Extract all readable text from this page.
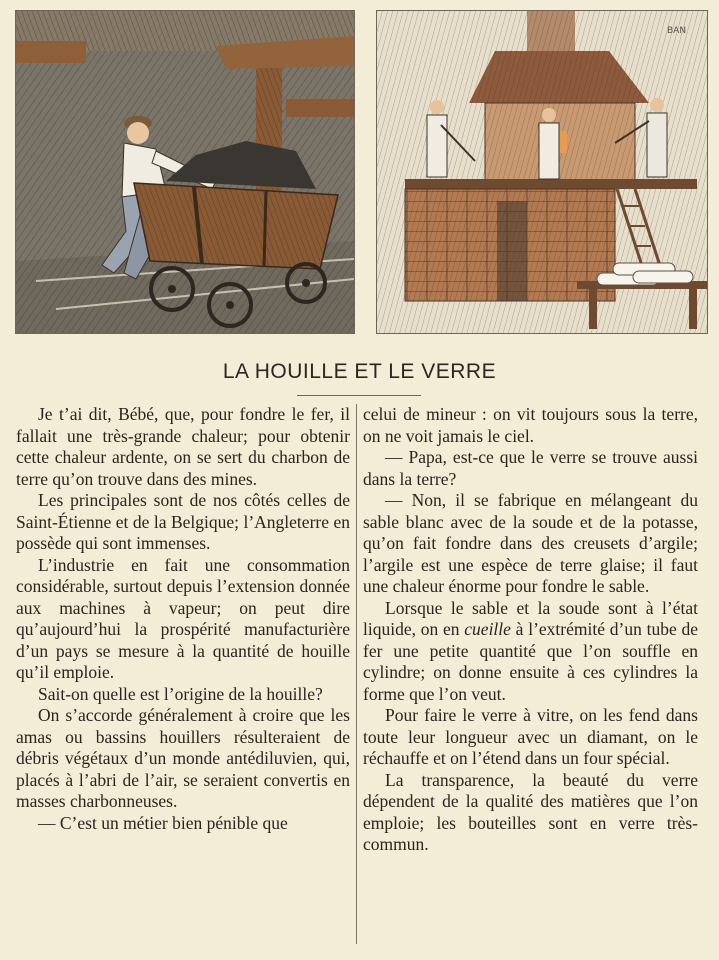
BAN
LA HOUILLE ET LE VERRE

Je t’ai dit, Bébé, que, pour fondre le fer, il fallait une très-grande chaleur; pour obtenir cette chaleur ardente, on se sert du charbon de terre qu’on trouve dans des mines.

Les principales sont de nos côtés celles de Saint-Étienne et de la Belgique; l’Angleterre en possède qui sont immenses.

L’industrie en fait une consommation considérable, surtout depuis l’extension donnée aux machines à vapeur; on peut dire qu’aujourd’hui la prospérité manufacturière d’un pays se mesure à la quantité de houille qu’il emploie.

Sait-on quelle est l’origine de la houille?

On s’accorde généralement à croire que les amas ou bassins houillers résulteraient de débris végétaux d’un monde antédiluvien, qui, placés à l’abri de l’air, se seraient convertis en masses charbonneuses.

— C’est un métier bien pénible que

celui de mineur : on vit toujours sous la terre, on ne voit jamais le ciel.

— Papa, est-ce que le verre se trouve aussi dans la terre?

— Non, il se fabrique en mélangeant du sable blanc avec de la soude et de la potasse, qu’on fait fondre dans des creusets d’argile; l’argile est une espèce de terre glaise; il faut une chaleur énorme pour fondre le sable.

Lorsque le sable et la soude sont à l’état liquide, on en cueille à l’extrémité d’un tube de fer une petite quantité que l’on souffle en cylindre; on donne ensuite à ces cylindres la forme que l’on veut.

Pour faire le verre à vitre, on les fend dans toute leur longueur avec un diamant, on le réchauffe et on l’étend dans un four spécial.

La transparence, la beauté du verre dépendent de la qualité des matières que l’on emploie; les bouteilles sont en verre très-commun.
